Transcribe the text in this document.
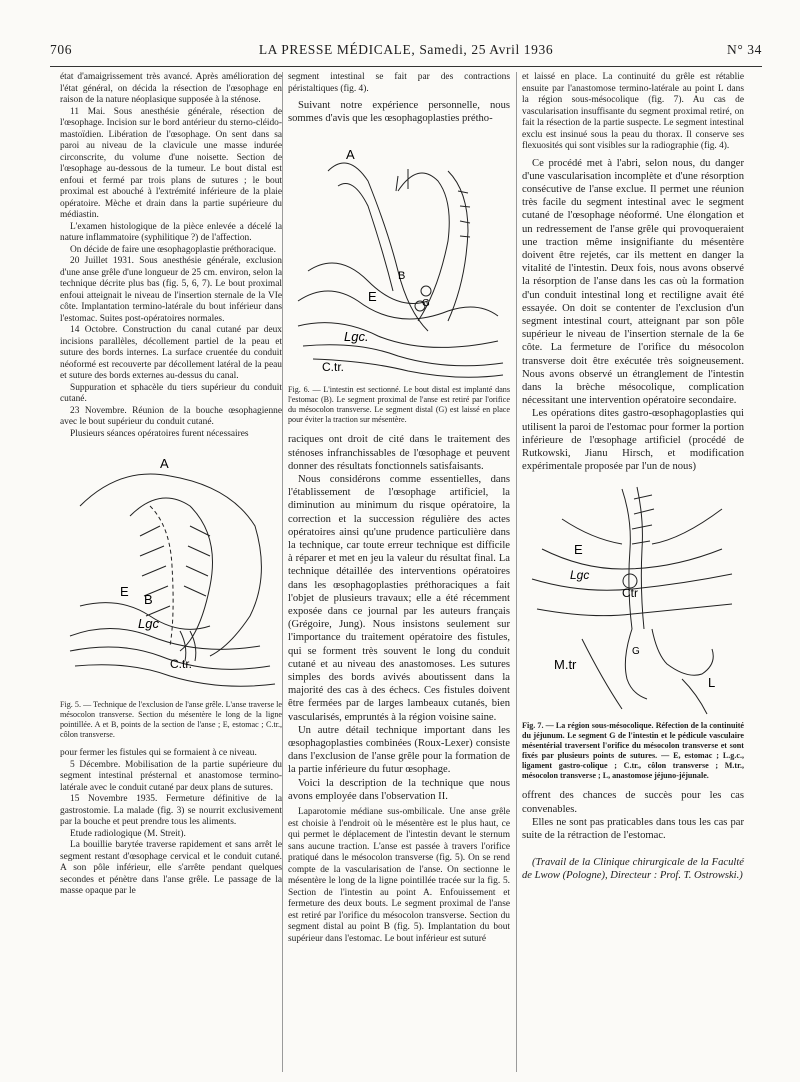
706	LA PRESSE MÉDICALE, Samedi, 25 Avril 1936	N° 34

état d'amaigrissement très avancé. Après amélioration de l'état général, on décida la résection de l'œsophage en raison de la nature néoplasique supposée à la sténose.

11 Mai. Sous anesthésie générale, résection de l'œsophage. Incision sur le bord antérieur du sterno-cléido-mastoïdien. Libération de l'œsophage. On sent dans sa paroi au niveau de la clavicule une masse indurée circonscrite, du volume d'une noisette. Section de l'œsophage au-dessous de la tumeur. Le bout distal est enfoui et fermé par trois plans de sutures ; le bout proximal est abouché à l'extrémité inférieure de la plaie opératoire. Mèche et drain dans la partie supérieure du médiastin.

L'examen histologique de la pièce enlevée a décelé la nature inflammatoire (syphilitique ?) de l'affection.

On décide de faire une œsophagoplastie préthoracique.

20 Juillet 1931. Sous anesthésie générale, exclusion d'une anse grêle d'une longueur de 25 cm. environ, selon la technique décrite plus bas (fig. 5, 6, 7). Le bout proximal enfoui atteignait le niveau de l'insertion sternale de la VIe côte. Implantation termino-latérale du bout inférieur dans l'estomac. Suites post-opératoires normales.

14 Octobre. Construction du canal cutané par deux incisions parallèles, décollement partiel de la peau et suture des bords internes. La surface cruentée du conduit néoformé est recouverte par décollement latéral de la peau et suture des bords externes au-dessus du canal.

Suppuration et sphacèle du tiers supérieur du conduit cutané.

23 Novembre. Réunion de la bouche œsophagienne avec le bout supérieur du conduit cutané.

Plusieurs séances opératoires furent nécessaires

A
E
B
Lgc
C.tr.

Fig. 5. — Technique de l'exclusion de l'anse grêle. L'anse traverse le mésocolon transverse. Section du mésentère le long de la ligne pointillée. A et B, points de la section de l'anse ; E, estomac ; C.tr., côlon transverse.

pour fermer les fistules qui se formaient à ce niveau.

5 Décembre. Mobilisation de la partie supérieure du segment intestinal présternal et anastomose termino-latérale avec le conduit cutané par deux plans de sutures.

15 Novembre 1935. Fermeture définitive de la gastrostomie. La malade (fig. 3) se nourrit exclusivement par la bouche et peut prendre tous les aliments.

Etude radiologique (M. Streit).

La bouillie barytée traverse rapidement et sans arrêt le segment restant d'œsophage cervical et le conduit cutané. A son pôle inférieur, elle s'arrête pendant quelques secondes et pénètre dans l'anse grêle. Le passage de la masse opaque par le

segment intestinal se fait par des contractions péristaltiques (fig. 4).

Suivant notre expérience personnelle, nous sommes d'avis que les œsophagoplasties prétho-

A
B
E	G
Lgc.
C.tr.

Fig. 6. — L'intestin est sectionné. Le bout distal est implanté dans l'estomac (B). Le segment proximal de l'anse est retiré par l'orifice du mésocolon transverse. Le segment distal (G) est laissé en place pour éviter la traction sur mésentère.

raciques ont droit de cité dans le traitement des sténoses infranchissables de l'œsophage et peuvent donner des résultats fonctionnels satisfaisants.

Nous considérons comme essentielles, dans l'établissement de l'œsophage artificiel, la diminution au minimum du risque opératoire, la correction et la succession régulière des actes opératoires ainsi qu'une prudence particulière dans la technique, car toute erreur technique est difficile à réparer et met en jeu la valeur du résultat final. La technique détaillée des interventions opératoires dans les œsophagoplasties préthoraciques a fait l'objet de plusieurs travaux; elle a été récemment exposée dans ce journal par les auteurs français (Grégoire, Jung). Nous insistons seulement sur l'importance du traitement opératoire des fistules, qui se forment très souvent le long du conduit cutané et au niveau des anastomoses. Les sutures simples des bords avivés aboutissent dans la majorité des cas à des échecs. Ces fistules doivent être fermées par de larges lambeaux cutanés, bien vascularisés, empruntés à la région voisine saine.

Un autre détail technique important dans les œsophagoplasties combinées (Roux-Lexer) consiste dans l'exclusion de l'anse grêle pour la formation de la partie inférieure du futur œsophage.

Voici la description de la technique que nous avons employée dans l'observation II.

Laparotomie médiane sus-ombilicale. Une anse grêle est choisie à l'endroit où le mésentère est le plus haut, ce qui permet le déplacement de l'intestin devant le sternum sans aucune traction. L'anse est passée à travers l'orifice pratiqué dans le mésocolon transverse (fig. 5). On se rend compte de la vascularisation de l'anse. On sectionne le mésentère le long de la ligne pointillée tracée sur la fig. 5. Section de l'intestin au point A. Enfouissement et fermeture des deux bouts. Le segment proximal de l'anse est retiré par l'orifice du mésocolon transverse. Section du segment distal au point B (fig. 5). Implantation du bout supérieur dans l'estomac. Le bout inférieur est suturé

et laissé en place. La continuité du grêle est rétablie ensuite par l'anastomose termino-latérale au point L dans la région sous-mésocolique (fig. 7). Au cas de vascularisation insuffisante du segment proximal retiré, on fait la résection de la partie suspecte. Le segment intestinal exclu est insinué sous la peau du thorax. Il conserve ses flexuosités qui sont visibles sur la radiographie (fig. 4).

Ce procédé met à l'abri, selon nous, du danger d'une vascularisation incomplète et d'une résorption consécutive de l'anse exclue. Il permet une réunion très facile du segment intestinal avec le segment cutané de l'œsophage néoformé. Une élongation et un redressement de l'anse grêle qui provoqueraient une traction même insignifiante du mésentère doivent être rejetés, car ils mettent en danger la vitalité de l'intestin. Deux fois, nous avons observé la résorption de l'anse dans les cas où la formation d'un conduit intestinal long et rectiligne avait été essayée. On doit se contenter de l'exclusion d'un segment intestinal court, atteignant par son pôle supérieur le niveau de l'insertion sternale de la 6e côte. La fermeture de l'orifice du mésocolon transverse doit être exécutée très soigneusement. Nous avons observé un étranglement de l'intestin dans la brèche mésocolique, complication nécessitant une intervention opératoire secondaire.

Les opérations dites gastro-œsophagoplasties qui utilisent la paroi de l'estomac pour former la portion inférieure de l'œsophage artificiel (procédé de Rutkowski, Jianu Hirsch, et modification expérimentale proposée par l'un de nous)

E
Lgc
Ctr
G
M.tr
L

Fig. 7. — La région sous-mésocolique. Réfection de la continuité du jéjunum. Le segment G de l'intestin et le pédicule vasculaire mésentérial traversent l'orifice du mésocolon transverse et sont fixés par plusieurs points de sutures. — E, estomac ; L.g.c., ligament gastro-colique ; C.tr., côlon transverse ; M.tr., mésocolon transverse ; L, anastomose jéjuno-jéjunale.

offrent des chances de succès pour les cas convenables.

Elles ne sont pas praticables dans tous les cas par suite de la rétraction de l'estomac.

(Travail de la Clinique chirurgicale de la Faculté de Lwow (Pologne), Directeur : Prof. T. Ostrowski.)
